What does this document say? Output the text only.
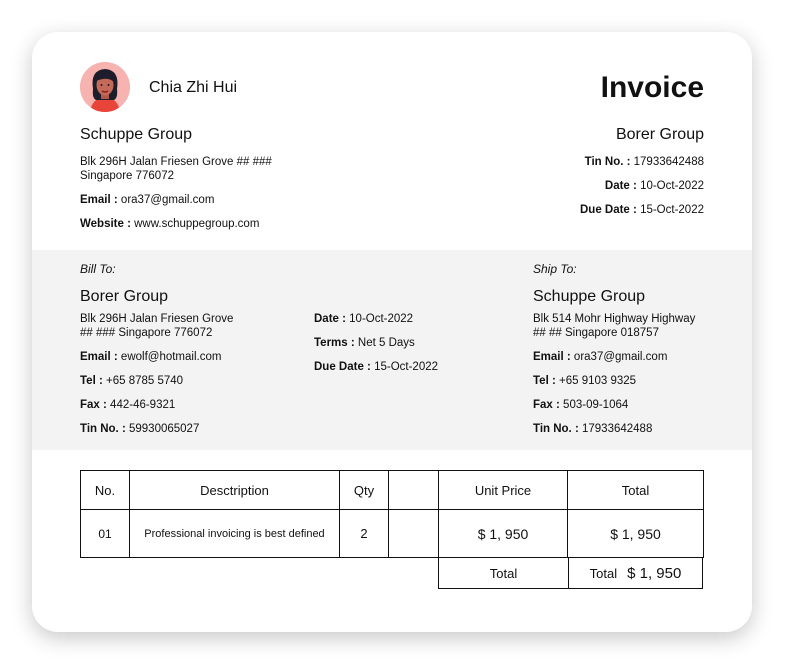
Chia Zhi Hui	Invoice
Schuppe Group
Blk 296H Jalan Friesen Grove ## ###
Singapore 776072
Email : ora37@gmail.com
Website : www.schuppegroup.com
Borer Group
Tin No. : 17933642488
Date : 10-Oct-2022
Due Date : 15-Oct-2022
Bill To:
Borer Group
Blk 296H Jalan Friesen Grove
## ### Singapore 776072
Email : ewolf@hotmail.com
Tel : +65 8785 5740
Fax : 442-46-9321
Tin No. : 59930065027
Date : 10-Oct-2022
Terms : Net 5 Days
Due Date : 15-Oct-2022
Ship To:
Schuppe Group
Blk 514 Mohr Highway Highway
## ## Singapore 018757
Email : ora37@gmail.com
Tel : +65 9103 9325
Fax : 503-09-1064
Tin No. : 17933642488
No.	Desctription	Qty		Unit Price	Total
01	Professional invoicing is best defined	2		$ 1, 950	$ 1, 950
Total	Total $ 1, 950
